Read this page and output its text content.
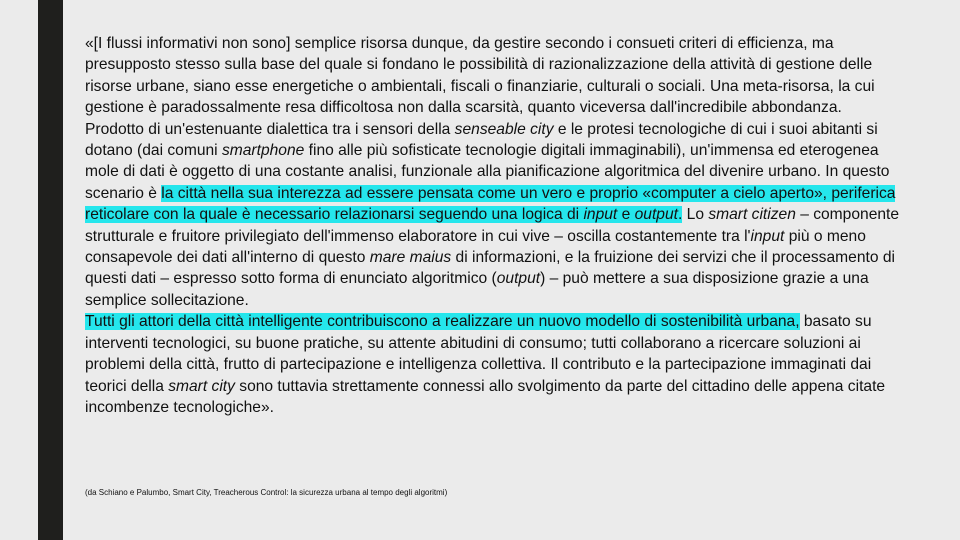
«[I flussi informativi non sono] semplice risorsa dunque, da gestire secondo i consueti criteri di efficienza, ma presupposto stesso sulla base del quale si fondano le possibilità di razionalizzazione della attività di gestione delle risorse urbane, siano esse energetiche o ambientali, fiscali o finanziarie, culturali o sociali. Una meta-risorsa, la cui gestione è paradossalmente resa difficoltosa non dalla scarsità, quanto viceversa dall'incredibile abbondanza. Prodotto di un'estenuante dialettica tra i sensori della senseable city e le protesi tecnologiche di cui i suoi abitanti si dotano (dai comuni smartphone fino alle più sofisticate tecnologie digitali immaginabili), un'immensa ed eterogenea mole di dati è oggetto di una costante analisi, funzionale alla pianificazione algoritmica del divenire urbano. In questo scenario è la città nella sua interezza ad essere pensata come un vero e proprio «computer a cielo aperto», periferica reticolare con la quale è necessario relazionarsi seguendo una logica di input e output. Lo smart citizen – componente strutturale e fruitore privilegiato dell'immenso elaboratore in cui vive – oscilla costantemente tra l'input più o meno consapevole dei dati all'interno di questo mare maius di informazioni, e la fruizione dei servizi che il processamento di questi dati – espresso sotto forma di enunciato algoritmico (output) – può mettere a sua disposizione grazie a una semplice sollecitazione.
Tutti gli attori della città intelligente contribuiscono a realizzare un nuovo modello di sostenibilità urbana, basato su interventi tecnologici, su buone pratiche, su attente abitudini di consumo; tutti collaborano a ricercare soluzioni ai problemi della città, frutto di partecipazione e intelligenza collettiva. Il contributo e la partecipazione immaginati dai teorici della smart city sono tuttavia strettamente connessi allo svolgimento da parte del cittadino delle appena citate incombenze tecnologiche».

(da Schiano e Palumbo, Smart City, Treacherous Control: la sicurezza urbana al tempo degli algoritmi)
